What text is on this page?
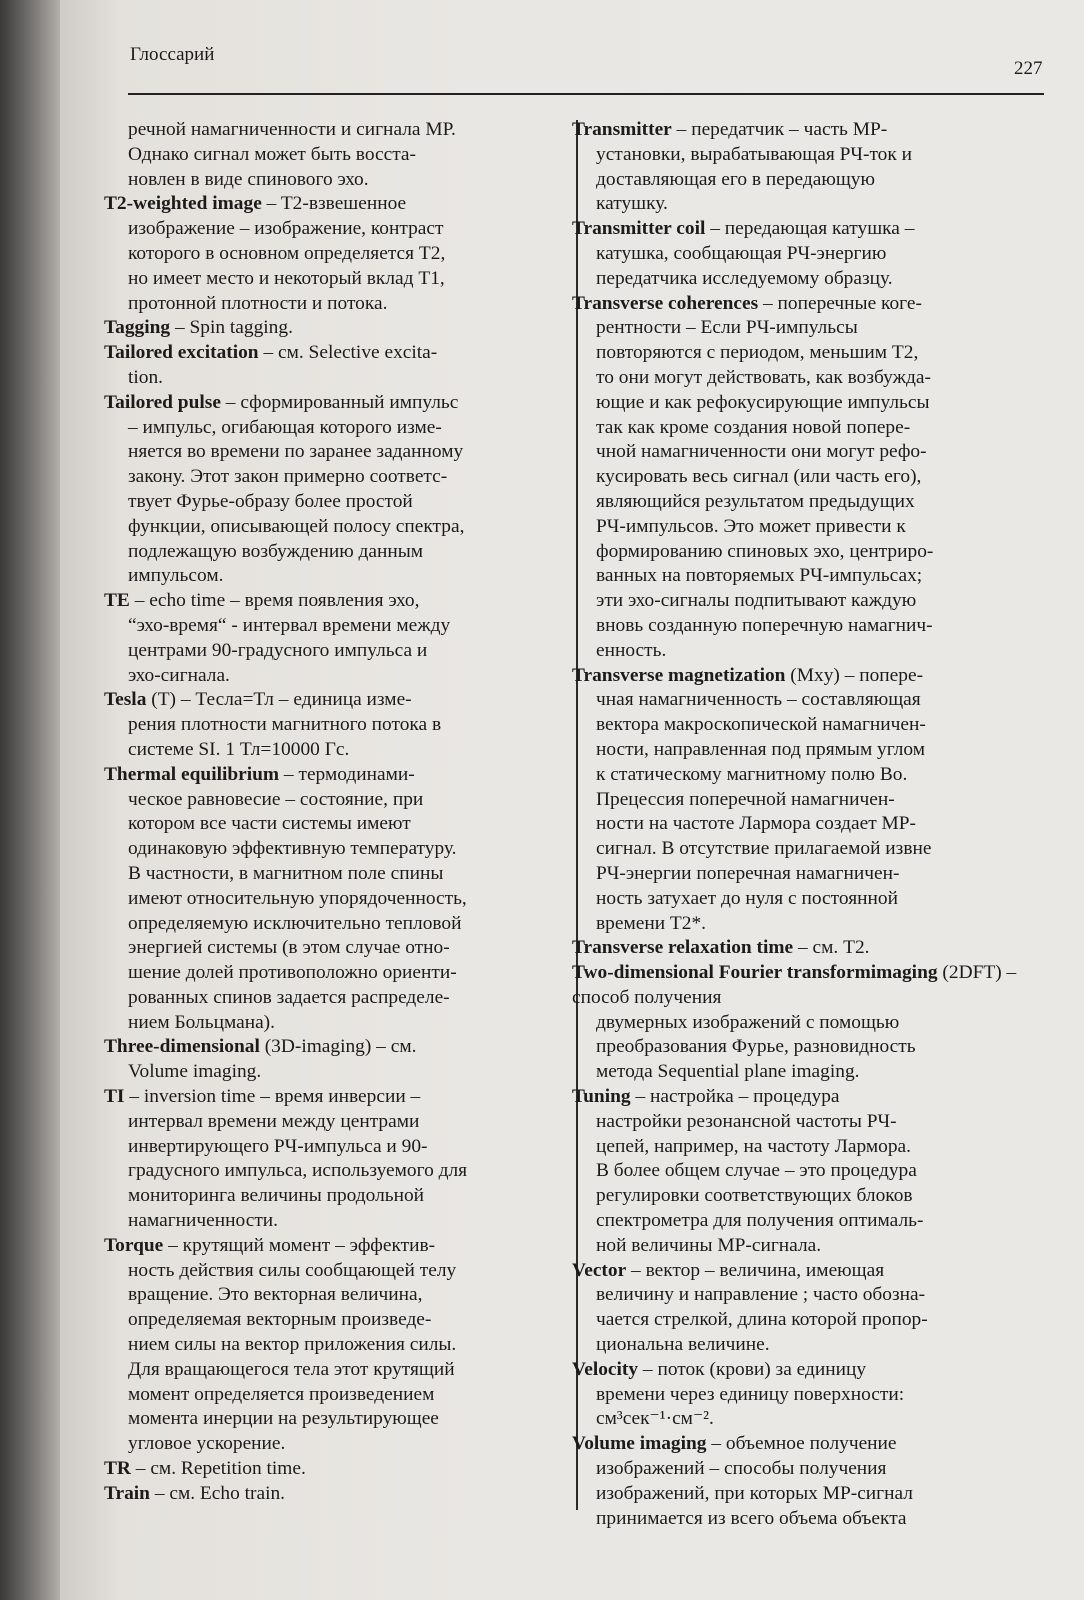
Глоссарий
227

речной намагниченности и сигнала МР.

Однако сигнал может быть восста-

новлен в виде спинового эхо.

T2-weighted image – T2-взвешенное

изображение – изображение, контраст

которого в основном определяется T2,

но имеет место и некоторый вклад T1,

протонной плотности и потока.

Tagging – Spin tagging.

Tailored excitation – см. Selective excita-

tion.

Tailored pulse – сформированный импульс

– импульс, огибающая которого изме-

няется во времени по заранее заданному

закону. Этот закон примерно соответс-

твует Фурье-образу более простой

функции, описывающей полосу спектра,

подлежащую возбуждению данным

импульсом.

TE – echo time – время появления эхо,

“эхо-время“ - интервал времени между

центрами 90-градусного импульса и

эхо-сигнала.

Tesla (Т) – Тесла=Тл – единица изме-

рения плотности магнитного потока в

системе SI. 1 Тл=10000 Гс.

Thermal equilibrium – термодинами-

ческое равновесие – состояние, при

котором все части системы имеют

одинаковую эффективную температуру.

В частности, в магнитном поле спины

имеют относительную упорядоченность,

определяемую исключительно тепловой

энергией системы (в этом случае отно-

шение долей противоположно ориенти-

рованных спинов задается распределе-

нием Больцмана).

Three-dimensional (3D-imaging) – см.

Volume imaging.

TI – inversion time – время инверсии –

интервал времени между центрами

инвертирующего РЧ-импульса и 90-

градусного импульса, используемого для

мониторинга величины продольной

намагниченности.

Torque – крутящий момент – эффектив-

ность действия силы сообщающей телу

вращение. Это векторная величина,

определяемая векторным произведе-

нием силы на вектор приложения силы.

Для вращающегося тела этот крутящий

момент определяется произведением

момента инерции на результирующее

угловое ускорение.

TR – см. Repetition time.

Train – см. Echo train.

Transmitter – передатчик – часть МР-

установки, вырабатывающая РЧ-ток и

доставляющая его в передающую

катушку.

Transmitter coil – передающая катушка –

катушка, сообщающая РЧ-энергию

передатчика исследуемому образцу.

Transverse coherences – поперечные коге-

рентности – Если РЧ-импульсы

повторяются с периодом, меньшим T2,

то они могут действовать, как возбужда-

ющие и как рефокусирующие импульсы

так как кроме создания новой попере-

чной намагниченности они могут рефо-

кусировать весь сигнал (или часть его),

являющийся результатом предыдущих

РЧ-импульсов. Это может привести к

формированию спиновых эхо, центриро-

ванных на повторяемых РЧ-импульсах;

эти эхо-сигналы подпитывают каждую

вновь созданную поперечную намагнич-

енность.

Transverse magnetization (Mxy) – попере-

чная намагниченность – составляющая

вектора макроскопической намагничен-

ности, направленная под прямым углом

к статическому магнитному полю Bo.

Прецессия поперечной намагничен-

ности на частоте Лармора создает МР-

сигнал. В отсутствие прилагаемой извне

РЧ-энергии поперечная намагничен-

ность затухает до нуля с постоянной

времени T2*.

Transverse relaxation time – см. T2.

Two-dimensional Fourier transformimaging (2DFT) – способ получения

двумерных изображений с помощью

преобразования Фурье, разновидность

метода Sequential plane imaging.

Tuning – настройка – процедура

настройки резонансной частоты РЧ-

цепей, например, на частоту Лармора.

В более общем случае – это процедура

регулировки соответствующих блоков

спектрометра для получения оптималь-

ной величины МР-сигнала.

Vector – вектор – величина, имеющая

величину и направление ; часто обозна-

чается стрелкой, длина которой пропор-

циональна величине.

Velocity – поток (крови) за единицу

времени через единицу поверхности:

см³сек⁻¹·см⁻².

Volume imaging – объемное получение

изображений – способы получения

изображений, при которых МР-сигнал

принимается из всего объема объекта
